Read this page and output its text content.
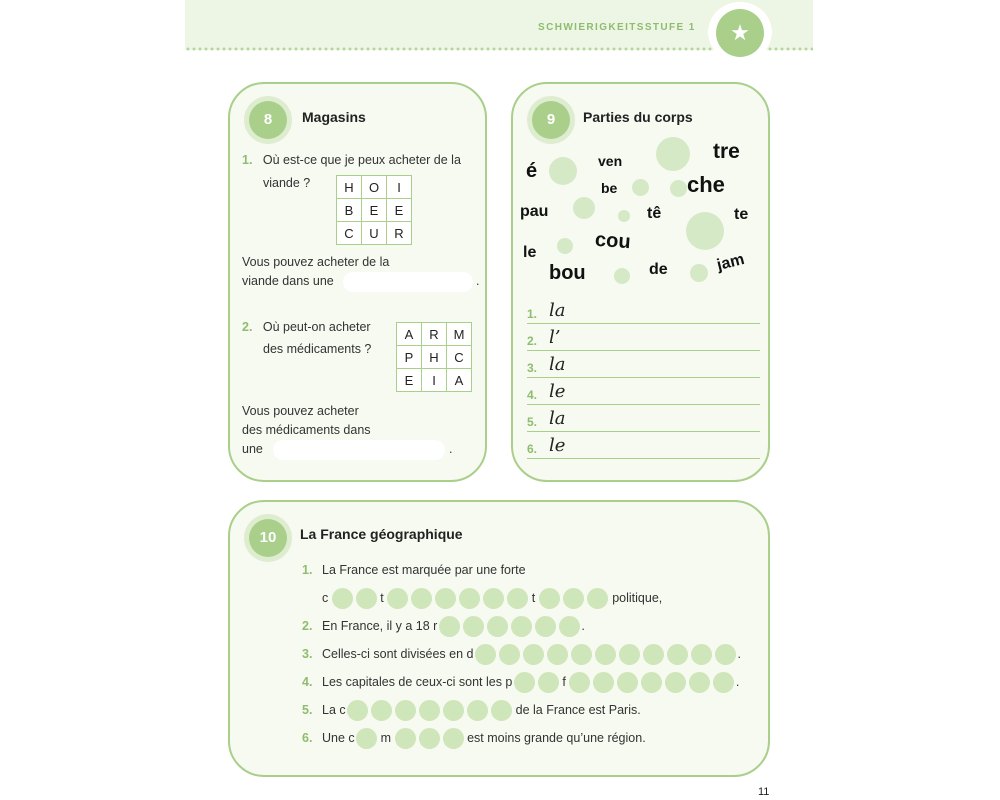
SCHWIERIGKEITSSTUFE 1	★
8	Magasins
1. Où est-ce que je peux acheter de la
viande ?	H	O	I
B	E	E
C	U	R
Vous pouvez acheter de la
viande dans une	.
2. Où peut-on acheter
des médicaments ?
A	R	M
P	H	C
E	I	A
Vous pouvez acheter
des médicaments dans
une	.
9	Parties du corps
é	ven	tre
be	che
pau	tê	te
le	cou
bou	de	jam
1. la
2. l’
3. la
4. le
5. la
6. le
10	La France géographique
1. La France est marquée par une forte
c	t	t	politique,
2. En France, il y a 18 r	.
3. Celles-ci sont divisées en d	.
4. Les capitales de ceux-ci sont les p	f	.
5. La c	de la France est Paris.
6. Une c m	est moins grande qu’une région.
11
